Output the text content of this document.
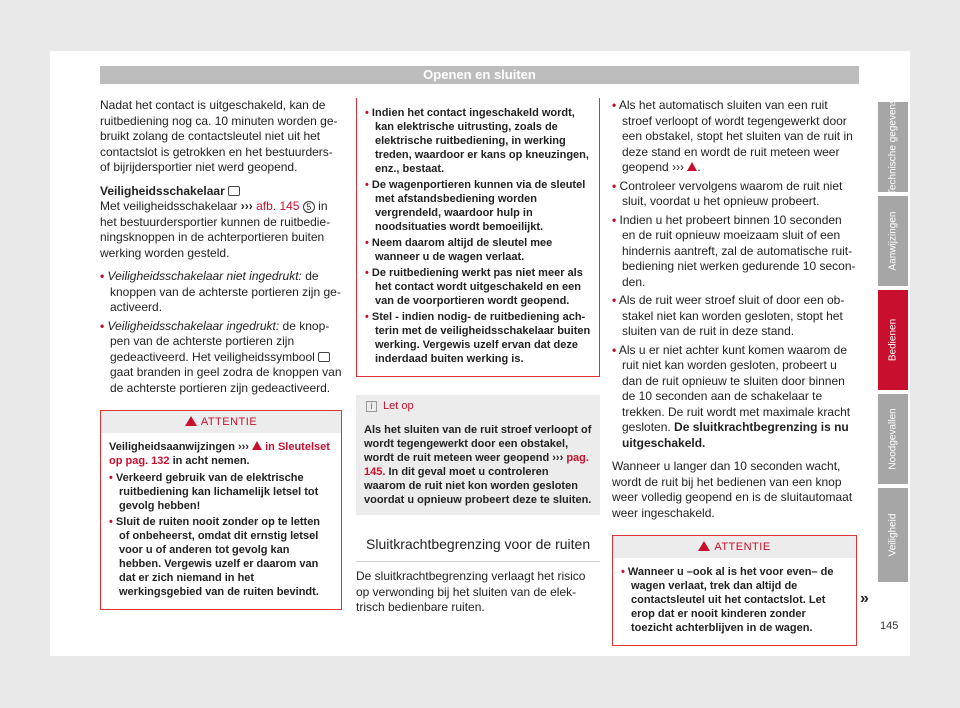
Openen en sluiten

Nadat het contact is uitgeschakeld, kan de ruitbediening nog ca. 10 minuten worden gebruikt zolang de contactsleutel niet uit het contactslot is getrokken en het bestuurders- of bijrijdersportier niet werd geopend.

Veiligheidsschakelaar

Met veiligheidsschakelaar ››› afb. 145 5 in het bestuurdersportier kunnen de ruitbedieningsknoppen in de achterportieren buiten werking worden gesteld.

• Veiligheidsschakelaar niet ingedrukt: de knoppen van de achterste portieren zijn geactiveerd.

• Veiligheidsschakelaar ingedrukt: de knoppen van de achterste portieren zijn gedeactiveerd. Het veiligheidssymbool  gaat branden in geel zodra de knoppen van de achterste portieren zijn gedeactiveerd.

ATTENTIE

Veiligheidsaanwijzingen ››› in Sleutelset op pag. 132 in acht nemen.

• Verkeerd gebruik van de elektrische ruitbediening kan lichamelijk letsel tot gevolg hebben!

• Sluit de ruiten nooit zonder op te letten of onbeheerst, omdat dit ernstig letsel voor u of anderen tot gevolg kan hebben. Vergewis uzelf er daarom van dat er zich niemand in het werkingsgebied van de ruiten bevindt.

• Indien het contact ingeschakeld wordt, kan elektrische uitrusting, zoals de elektrische ruitbediening, in werking treden, waardoor er kans op kneuzingen, enz., bestaat.

• De wagenportieren kunnen via de sleutel met afstandsbediening worden vergrendeld, waardoor hulp in noodsituaties wordt bemoeilijkt.

• Neem daarom altijd de sleutel mee wanneer u de wagen verlaat.

• De ruitbediening werkt pas niet meer als het contact wordt uitgeschakeld en een van de voorportieren wordt geopend.

• Stel - indien nodig- de ruitbediening achterin met de veiligheidsschakelaar buiten werking. Vergewis uzelf ervan dat deze inderdaad buiten werking is.

i Let op

Als het sluiten van de ruit stroef verloopt of wordt tegengewerkt door een obstakel, wordt de ruit meteen weer geopend ››› pag. 145. In dit geval moet u controleren waarom de ruit niet kon worden gesloten voordat u opnieuw probeert deze te sluiten.

Sluitkrachtbegrenzing voor de ruiten

De sluitkrachtbegrenzing verlaagt het risico op verwonding bij het sluiten van de elektrisch bedienbare ruiten.

• Als het automatisch sluiten van een ruit stroef verloopt of wordt tegengewerkt door een obstakel, stopt het sluiten van de ruit in deze stand en wordt de ruit meteen weer geopend ››› .

• Controleer vervolgens waarom de ruit niet sluit, voordat u het opnieuw probeert.

• Indien u het probeert binnen 10 seconden en de ruit opnieuw moeizaam sluit of een hindernis aantreft, zal de automatische ruitbediening niet werken gedurende 10 seconden.

• Als de ruit weer stroef sluit of door een obstakel niet kan worden gesloten, stopt het sluiten van de ruit in deze stand.

• Als u er niet achter kunt komen waarom de ruit niet kan worden gesloten, probeert u dan de ruit opnieuw te sluiten door binnen de 10 seconden aan de schakelaar te trekken. De ruit wordt met maximale kracht gesloten. De sluitkrachtbegrenzing is nu uitgeschakeld.

Wanneer u langer dan 10 seconden wacht, wordt de ruit bij het bedienen van een knop weer volledig geopend en is de sluitautomaat weer ingeschakeld.

ATTENTIE

• Wanneer u –ook al is het voor even– de wagen verlaat, trek dan altijd de contactsleutel uit het contactslot. Let erop dat er nooit kinderen zonder toezicht achterblijven in de wagen.

»
Technische gegevens
Aanwijzingen
Bedienen
Noodgevallen
Veiligheid
145
